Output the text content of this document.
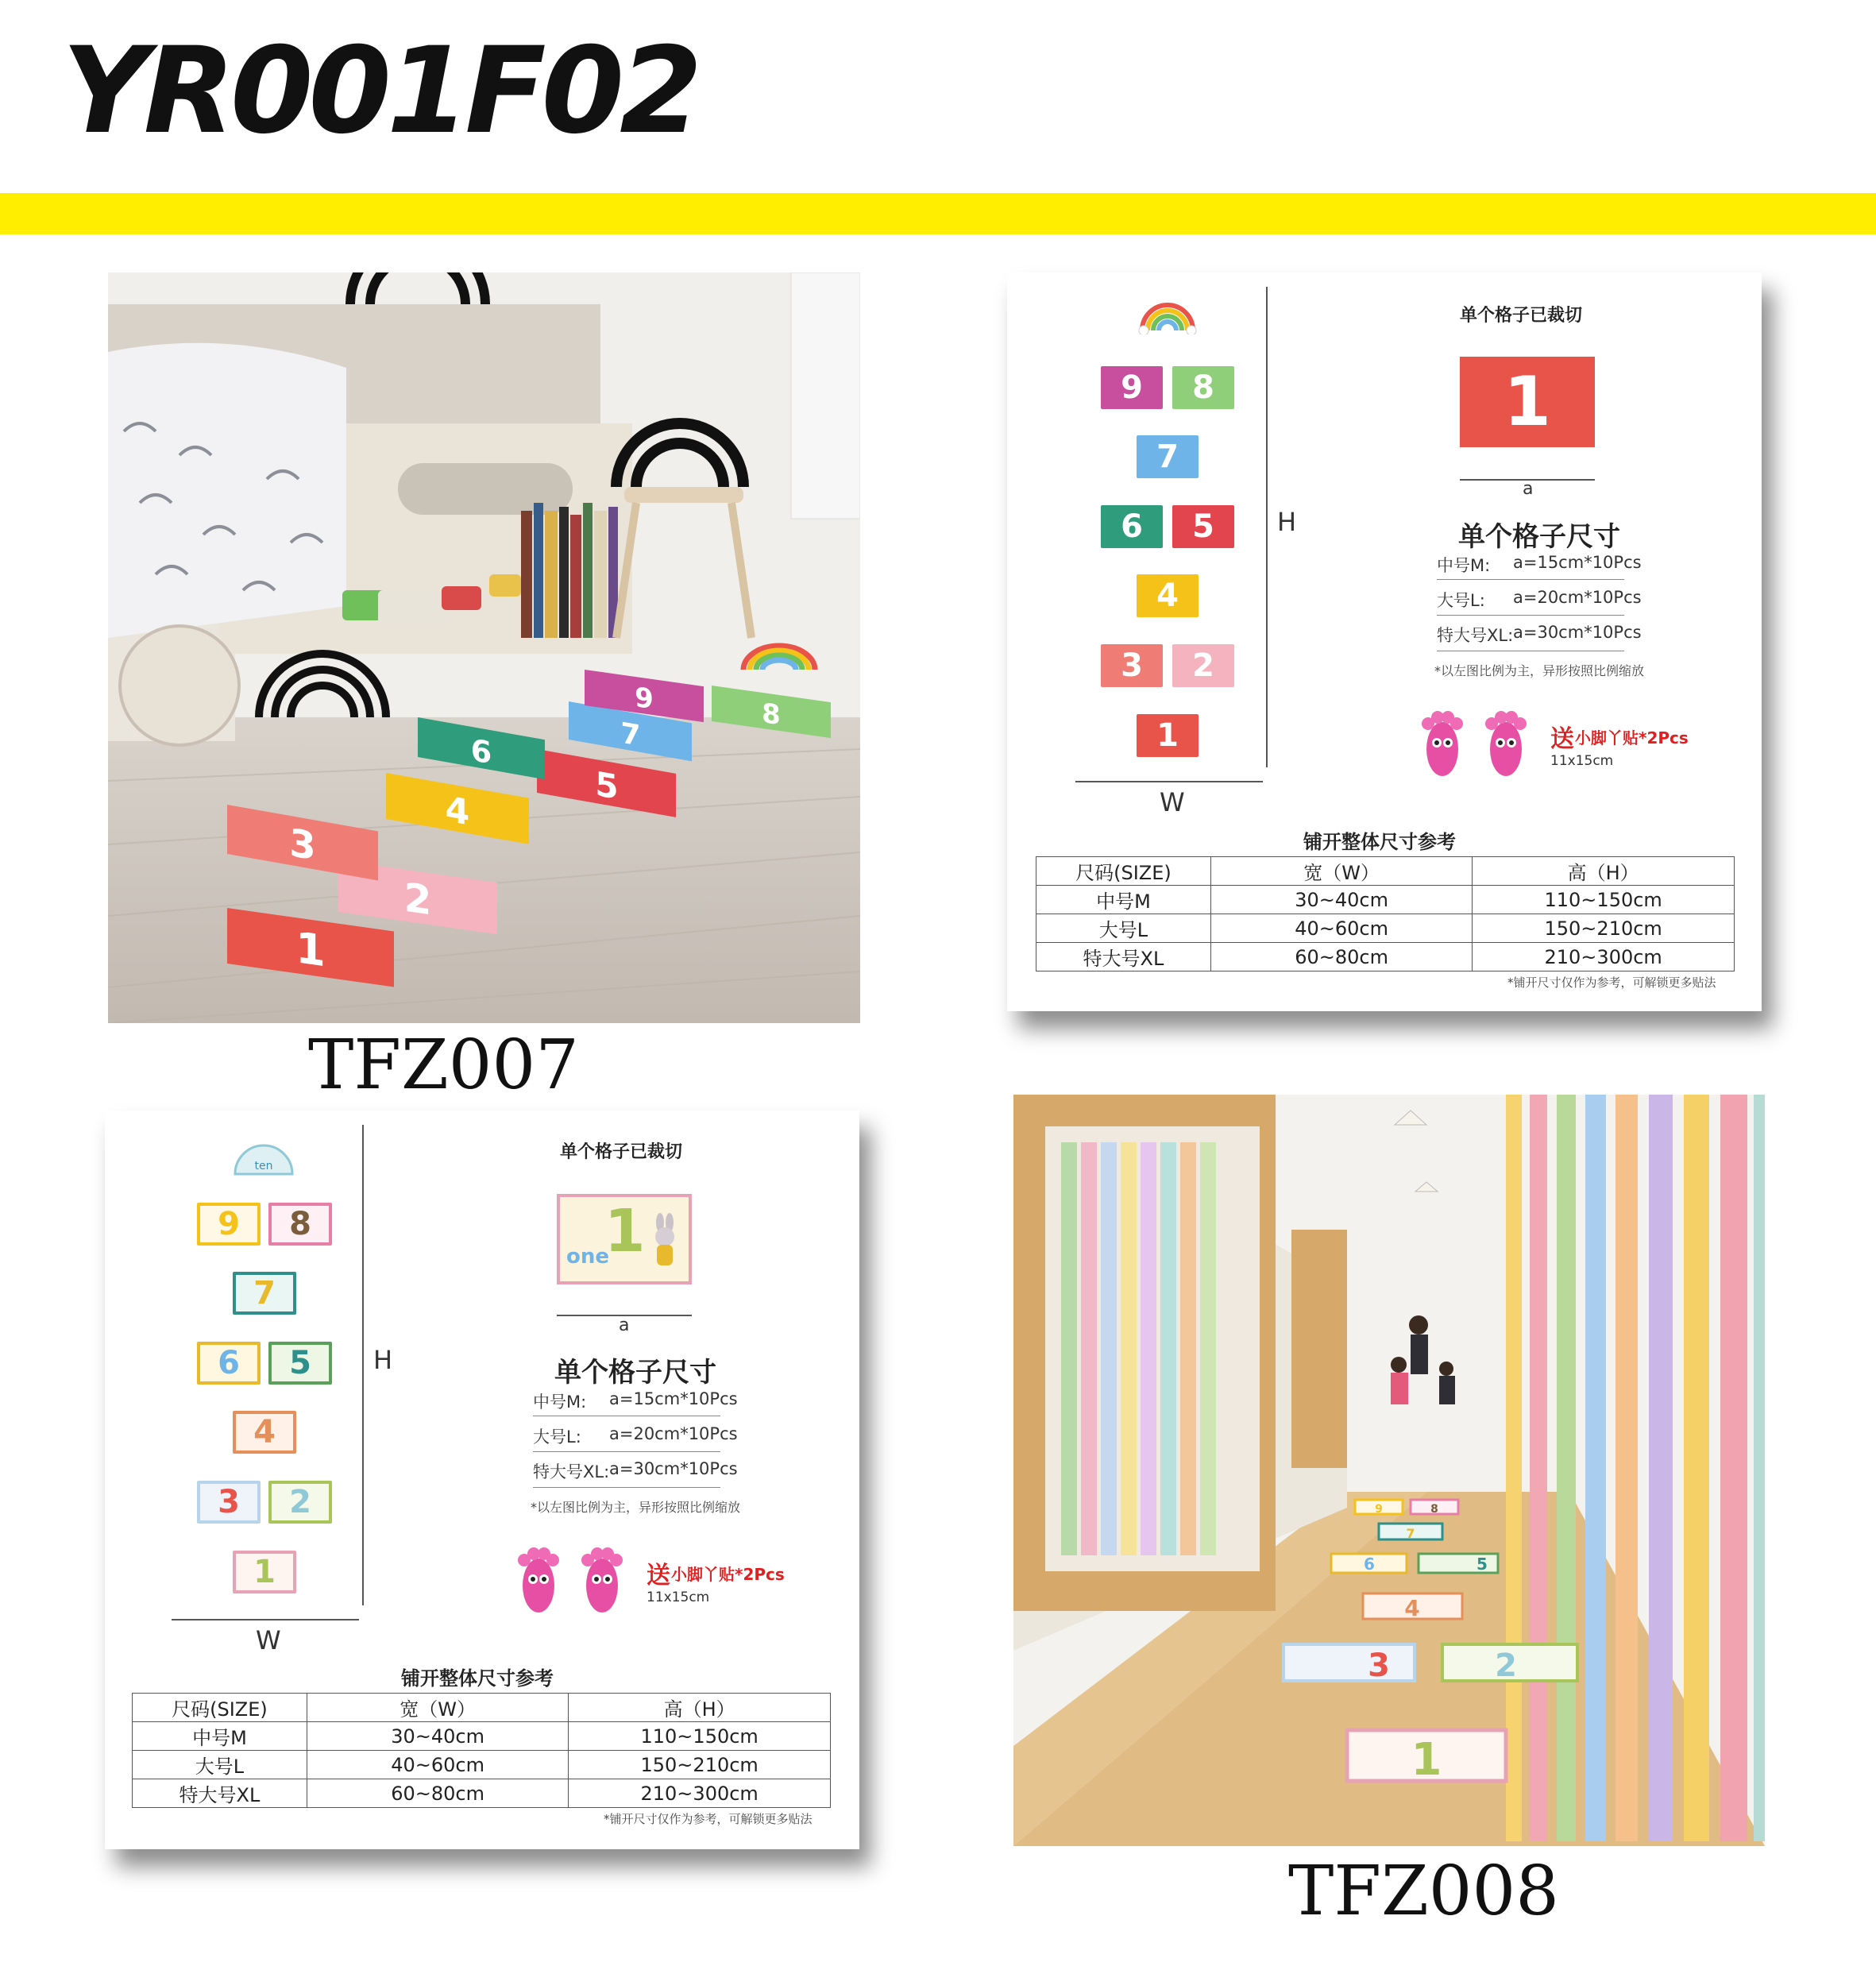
YR001F02
1
2
3
4
5
6	7
9	8
TFZ007
9	8
7
6	5
4
3	2
1
H
W
单个格子已裁切
1
a
单个格子尺寸
中号M: a=15cm*10Pcs
大号L: a=20cm*10Pcs
特大号XL: a=30cm*10Pcs
*以左图比例为主，异形按照比例缩放
送 小脚丫贴*2Pcs
11x15cm
铺开整体尺寸参考
尺码(SIZE)	宽（W）	高（H）
中号M	30~40cm	110~150cm
大号L	40~60cm	150~210cm
特大号XL	60~80cm	210~300cm
*铺开尺寸仅作为参考，可解锁更多贴法
ten
9 8
7
6 5
4
3 2
1
H
W
单个格子已裁切
1
one
a
单个格子尺寸
中号M: a=15cm*10Pcs
大号L: a=20cm*10Pcs
特大号XL: a=30cm*10Pcs
*以左图比例为主，异形按照比例缩放
送 小脚丫贴*2Pcs
11x15cm
铺开整体尺寸参考
尺码(SIZE)	宽（W）	高（H）
中号M	30~40cm	110~150cm
大号L	40~60cm	150~210cm
特大号XL	60~80cm	210~300cm
*铺开尺寸仅作为参考，可解锁更多贴法
9	8
7
6	5
4
3	2
1
TFZ008
